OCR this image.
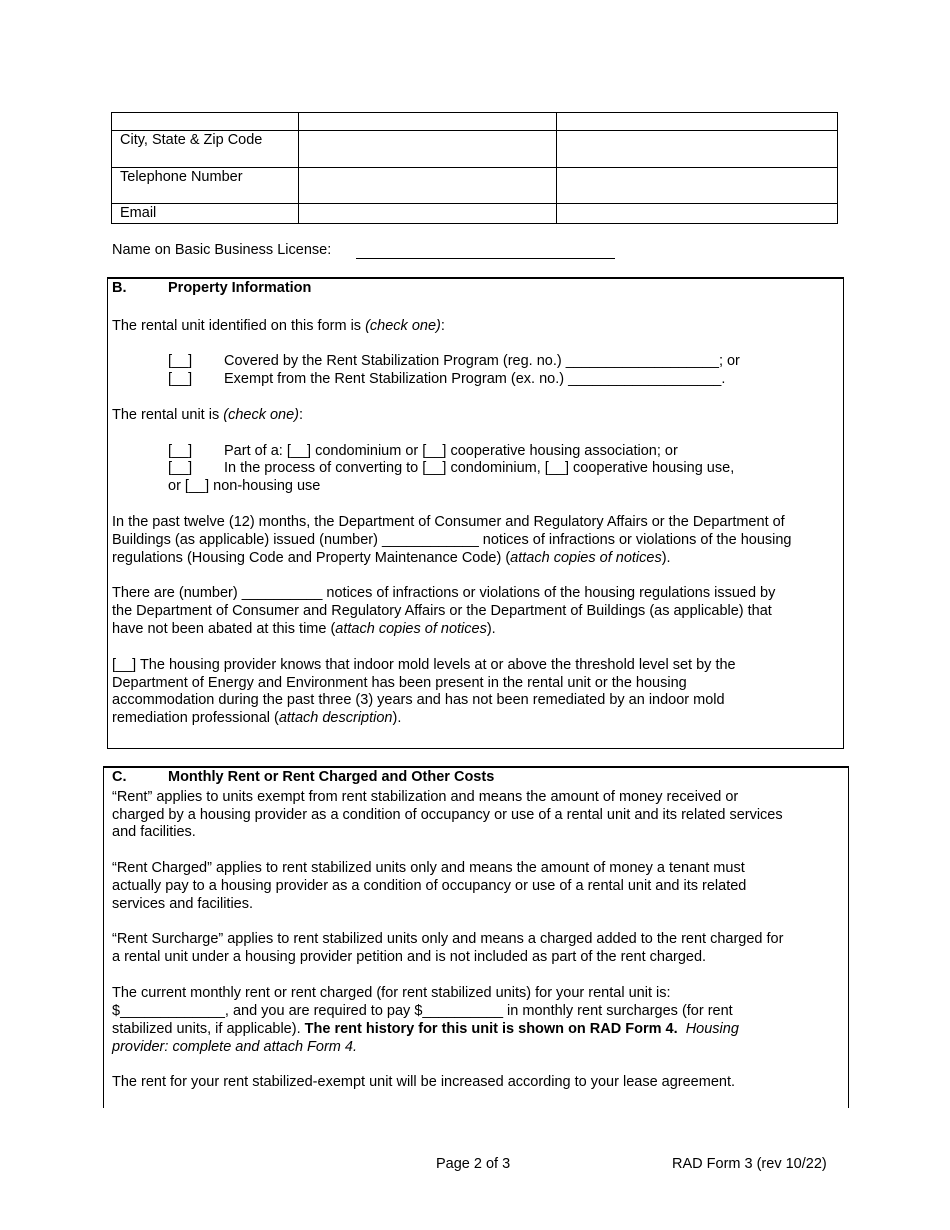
City, State & Zip Code		
Telephone Number		
Email		
Name on Basic Business License:
B.	Property Information
The rental unit identified on this form is (check one):
[__] Covered by the Rent Stabilization Program (reg. no.) ___________________; or
[__] Exempt from the Rent Stabilization Program (ex. no.) ___________________.
The rental unit is (check one):
[__] Part of a: [__] condominium or [__] cooperative housing association; or
[__] In the process of converting to [__] condominium, [__] cooperative housing use,
or [__] non-housing use
In the past twelve (12) months, the Department of Consumer and Regulatory Affairs or the Department of
Buildings (as applicable) issued (number) ____________ notices of infractions or violations of the housing
regulations (Housing Code and Property Maintenance Code) (attach copies of notices).
There are (number) __________ notices of infractions or violations of the housing regulations issued by
the Department of Consumer and Regulatory Affairs or the Department of Buildings (as applicable) that
have not been abated at this time (attach copies of notices).
[__] The housing provider knows that indoor mold levels at or above the threshold level set by the
Department of Energy and Environment has been present in the rental unit or the housing
accommodation during the past three (3) years and has not been remediated by an indoor mold
remediation professional (attach description).
C.	Monthly Rent or Rent Charged and Other Costs
“Rent” applies to units exempt from rent stabilization and means the amount of money received or
charged by a housing provider as a condition of occupancy or use of a rental unit and its related services
and facilities.
“Rent Charged” applies to rent stabilized units only and means the amount of money a tenant must
actually pay to a housing provider as a condition of occupancy or use of a rental unit and its related
services and facilities.
“Rent Surcharge” applies to rent stabilized units only and means a charged added to the rent charged for
a rental unit under a housing provider petition and is not included as part of the rent charged.
The current monthly rent or rent charged (for rent stabilized units) for your rental unit is:
$_____________, and you are required to pay $__________ in monthly rent surcharges (for rent
stabilized units, if applicable). The rent history for this unit is shown on RAD Form 4.  Housing
provider: complete and attach Form 4.
The rent for your rent stabilized-exempt unit will be increased according to your lease agreement.
Page 2 of 3	RAD Form 3 (rev 10/22)
